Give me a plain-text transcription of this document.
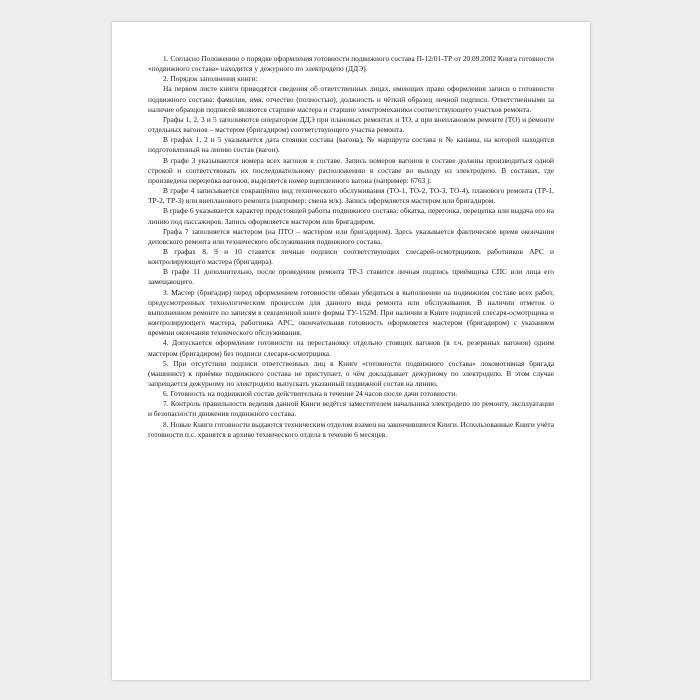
1. Согласно Положению о порядке оформления готовности подвижного состава П-12/01-ТР от 20.09.2002 Книга готовности «подвижного состава» находится у дежурного по электродепо (ДДЭ).

2. Порядок заполнения книги:

На первом листе книги приводятся сведения об ответственных лицах, имеющих право оформления записи о готовности подвижного состава: фамилия, имя, отчество (полностью), должность и чёткий образец личной подписи. Ответственными за наличие образцов подписей являются старшие мастера и старшие электромеханики соответствующего участков ремонта.

Графы 1, 2, 3 и 5 заполняются оператором ДДЭ при плановых ремонтах и ТО, а при внеплановом ремонте (ТО) и ремонте отдельных вагонов – мастером (бригадиром) соответствующего участка ремонта.

В графах 1, 2 и 5 указывается дата стоянки состава (вагона), № маршрута состава и № канавы, на которой находится подготовленный на линию состав (вагон).

В графе 3 указываются номера всех вагонов в составе. Запись номеров вагонов в составе должны производиться одной строкой и соответствовать их последовательному расположению в составе во выходу из электродепо. В составах, где произведена перецепка вагонов, выделяется номер вцепленного вагона (например: 6763 ).

В графе 4 записывается сокращённо вид технического обслуживания (ТО-1, ТО-2, ТО-3, ТО-4), планового ремонта (ТР-1, ТР-2, ТР-3) или внепланового ремонта (например: смена м/к). Запись оформляется мастером или бригадиром.

В графе 6 указывается характер предстоящей работы подвижного состава: обкатка, перегонка, перецепка или выдача его на линию под пассажиров. Запись оформляется мастером или бригадиром.

Графа 7 заполняется мастером (на ПТО – мастером или бригадиром). Здесь указывается фактическое время окончания деповского ремонта или технического обслуживания подвижного состава.

В графах 8, 9 и 10 ставятся личные подписи соответствующих слесарей-осмотрщиков, работников АРС и контролирующего мастера (бригадира).

В графе 11 дополнительно, после проведения ремонта ТР-3 ставится личная подпись приёмщика СПС или лица его замещающего.

3. Мастер (бригадир) перед оформлением готовности обязан убедиться в выполнении на подвижном составе всех работ, предусмотренных технологическим процессом для данного вида ремонта или обслуживания. В наличии отметок о выполненном ремонте по записям в секционной книге формы ТУ-152М. При наличии в Книге подписей слесаря-осмотрщика и контролирующего мастера, работника АРС, окончательная готовность оформляется мастером (бригадиром) с указанием времени окончания технического обслуживания.

4. Допускается оформление готовности на перестановку отдельно стоящих вагонов (в т.ч. резервных вагонов) одним мастером (бригадиром) без подписи слесаря-осмотрщика.

5. При отсутствии подписи ответственных лиц в Книге «готовности подвижного состава» локомотивная бригада (машинист) к приёмке подвижного состава не приступает, о чём докладывает дежурному по электродепо. В этом случае запрещается дежурному по электродепо выпускать указанный подвижной состав на линию.

6. Готовность на подвижной состав действительна в течение 24 часов после дачи готовности.

7. Контроль правильности ведения данной Книги ведётся заместителем начальника электродепо по ремонту, эксплуатации и безопасности движения подвижного состава.

8. Новые Книги готовности выдаются техническим отделом взамен на закончившиеся Книги. Использованные Книги учёта готовности п.с. хранятся в архиве технического отдела в течение 6 месяцев.
